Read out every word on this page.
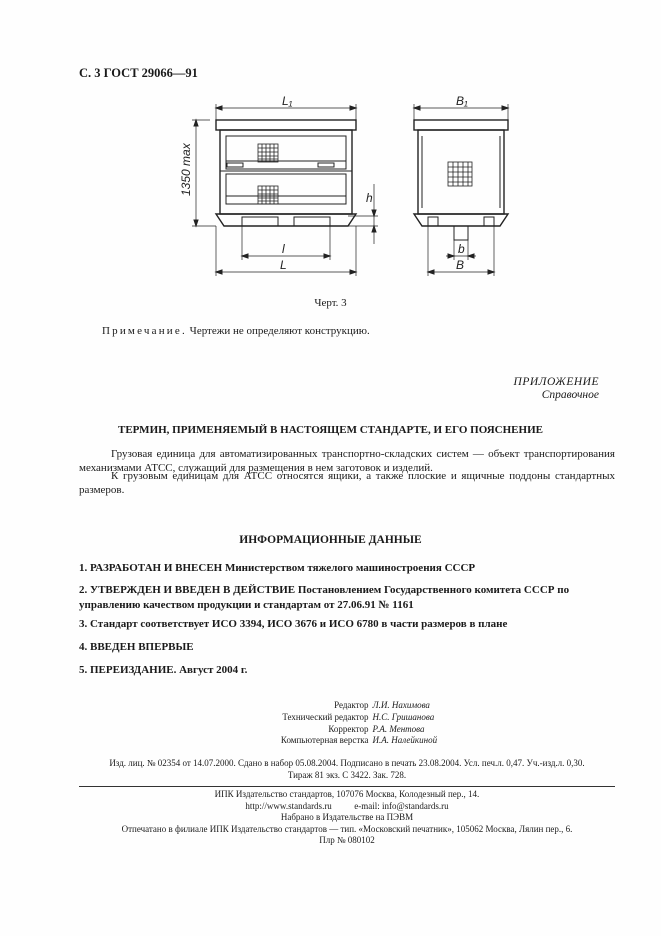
С. 3 ГОСТ 29066—91
L₁	B₁
1350 max
h
l
L
b
B
Черт. 3
Примечание. Чертежи не определяют конструкцию.
ПРИЛОЖЕНИЕ
Справочное
ТЕРМИН, ПРИМЕНЯЕМЫЙ В НАСТОЯЩЕМ СТАНДАРТЕ, И ЕГО ПОЯСНЕНИЕ
Грузовая единица для автоматизированных транспортно-складских систем — объект транспортирования механизмами АТСС, служащий для размещения в нем заготовок и изделий.
К грузовым единицам для АТСС относятся ящики, а также плоские и ящичные поддоны стандартных размеров.
ИНФОРМАЦИОННЫЕ ДАННЫЕ
1. РАЗРАБОТАН И ВНЕСЕН Министерством тяжелого машиностроения СССР
2. УТВЕРЖДЕН И ВВЕДЕН В ДЕЙСТВИЕ Постановлением Государственного комитета СССР по управлению качеством продукции и стандартам от 27.06.91 № 1161
3. Стандарт соответствует ИСО 3394, ИСО 3676 и ИСО 6780 в части размеров в плане
4. ВВЕДЕН ВПЕРВЫЕ
5. ПЕРЕИЗДАНИЕ. Август 2004 г.
Редактор Л.И. Нахимова
Технический редактор Н.С. Гришанова
Корректор Р.А. Ментова
Компьютерная верстка И.А. Налейкиной
Изд. лиц. № 02354 от 14.07.2000. Сдано в набор 05.08.2004. Подписано в печать 23.08.2004. Усл. печ.л. 0,47. Уч.-изд.л. 0,30.
Тираж 81 экз. С 3422. Зак. 728.
ИПК Издательство стандартов, 107076 Москва, Колодезный пер., 14.
http://www.standards.ru          e-mail: info@standards.ru
Набрано в Издательстве на ПЭВМ
Отпечатано в филиале ИПК Издательство стандартов — тип. «Московский печатник», 105062 Москва, Лялин пер., 6.
Плр № 080102
